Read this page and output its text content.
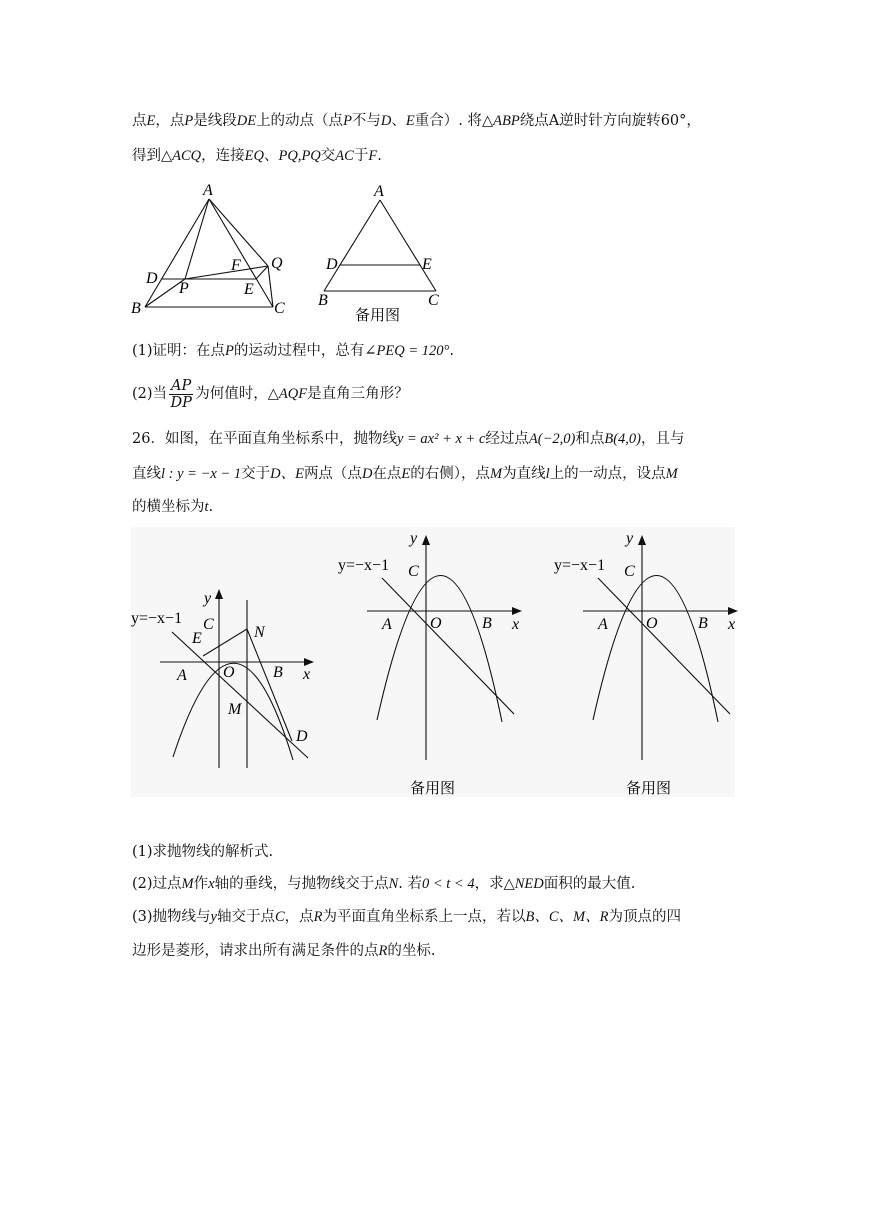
点E，点P是线段DE上的动点（点P不与D、E重合）. 将△ABP绕点A逆时针方向旋转60°，
得到△ACQ，连接EQ、PQ,PQ交AC于F.
A
D
F Q
B
P	E
C
A
D	E
B	C
备用图
(1)证明：在点P的运动过程中，总有∠PEQ = 120°.
(2)当 $\frac{AP}{DP}$ 为何值时，△AQF是直角三角形？
26．如图，在平面直角坐标系中，抛物线y = ax² + x + c经过点A(−2,0)和点B(4,0)，且与
直线l : y = −x − 1交于D、E两点（点D在点E的右侧），点M为直线l上的一动点，设点M
的横坐标为t.
y
y=−x−1 C
E	N
A O B x
M
D
y
y=−x−1 C
A O	B x
备用图
y
y=−x−1 C
A O	B x
备用图
(1)求抛物线的解析式.
(2)过点M作x轴的垂线，与抛物线交于点N. 若0 < t < 4，求△NED面积的最大值.
(3)抛物线与y轴交于点C，点R为平面直角坐标系上一点，若以B、C、M、R为顶点的四
边形是菱形，请求出所有满足条件的点R的坐标.
